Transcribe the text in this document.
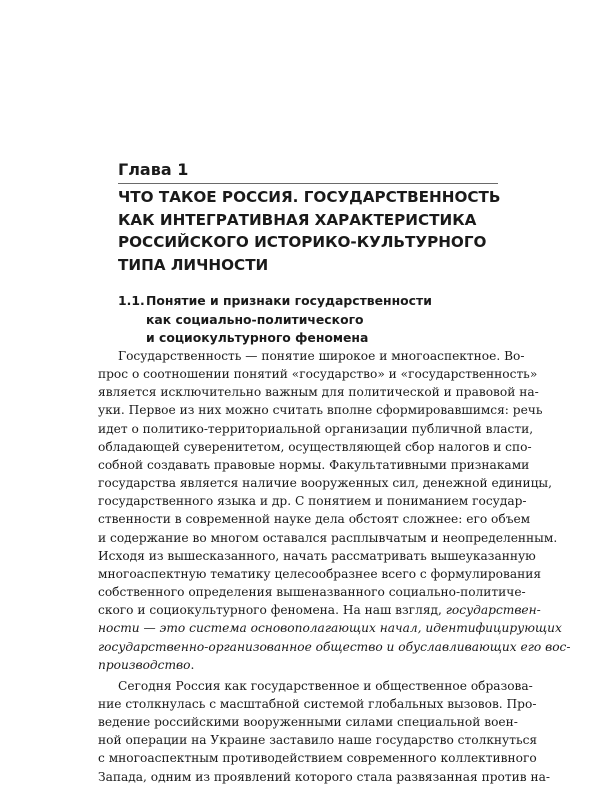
Глава 1
ЧТО ТАКОЕ РОССИЯ. ГОСУДАРСТВЕННОСТЬ
КАК ИНТЕГРАТИВНАЯ ХАРАКТЕРИСТИКА
РОССИЙСКОГО ИСТОРИКО-КУЛЬТУРНОГО
ТИПА ЛИЧНОСТИ
1.1. Понятие и признаки государственности
как социально-политического
и социокультурного феномена
Государственность — понятие широкое и многоаспектное. Во-
прос о соотношении понятий «государство» и «государственность»
является исключительно важным для политической и правовой на-
уки. Первое из них можно считать вполне сформировавшимся: речь
идет о политико-территориальной организации публичной власти,
обладающей суверенитетом, осуществляющей сбор налогов и спо-
собной создавать правовые нормы. Факультативными признаками
государства является наличие вооруженных сил, денежной единицы,
государственного языка и др. С понятием и пониманием государ-
ственности в современной науке дела обстоят сложнее: его объем
и содержание во многом оставался расплывчатым и неопределенным.
Исходя из вышесказанного, начать рассматривать вышеуказанную
многоаспектную тематику целесообразнее всего с формулирования
собственного определения вышеназванного социально-политиче-
ского и социокультурного феномена. На наш взгляд, государствен-
ности — это система основополагающих начал, идентифицирующих
государственно-организованное общество и обуславливающих его вос-
производство.
Сегодня Россия как государственное и общественное образова-
ние столкнулась с масштабной системой глобальных вызовов. Про-
ведение российскими вооруженными силами специальной воен-
ной операции на Украине заставило наше государство столкнуться
с многоаспектным противодействием современного коллективного
Запада, одним из проявлений которого стала развязанная против на-
